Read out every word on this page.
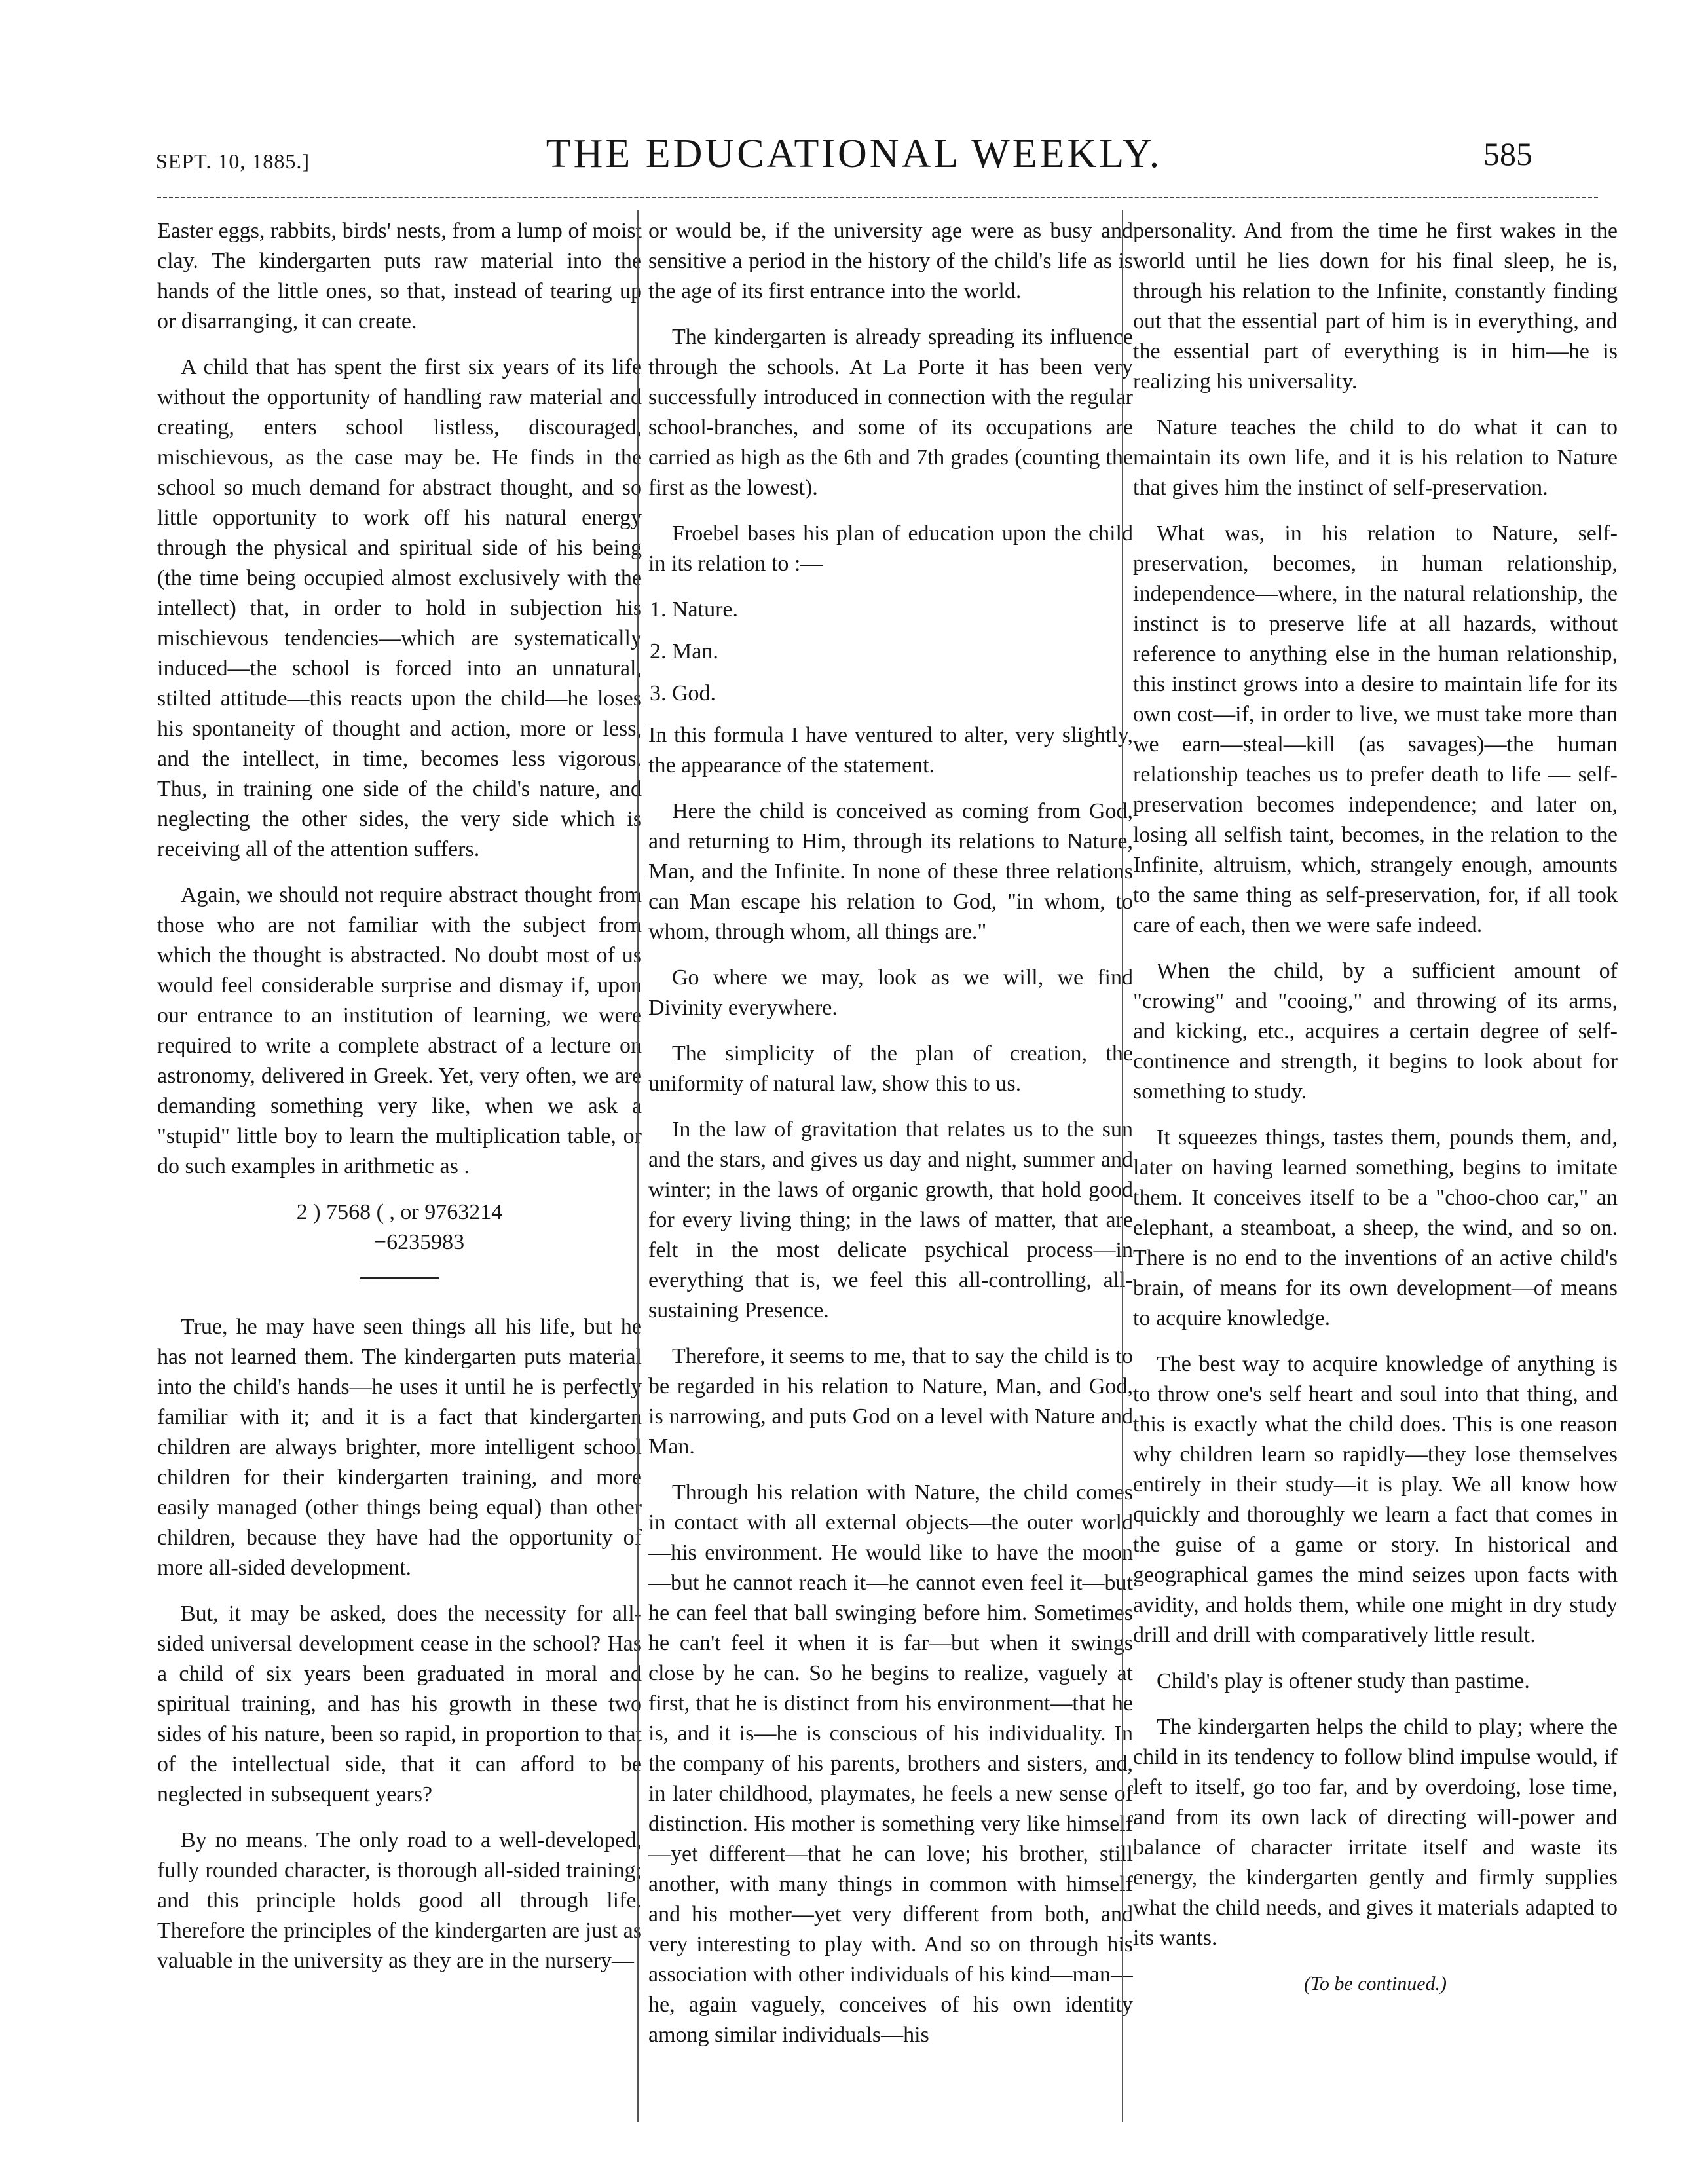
SEPT. 10, 1885.]	THE EDUCATIONAL WEEKLY.	585

Easter eggs, rabbits, birds' nests, from a lump of moist clay. The kindergarten puts raw material into the hands of the little ones, so that, instead of tearing up or disarranging, it can create.

A child that has spent the first six years of its life without the opportunity of handling raw material and creating, enters school listless, discouraged, mischievous, as the case may be. He finds in the school so much demand for abstract thought, and so little opportunity to work off his natural energy through the physical and spiritual side of his being (the time being occupied almost exclusively with the intellect) that, in order to hold in subjection his mischievous tendencies—which are systematically induced—the school is forced into an unnatural, stilted attitude—this reacts upon the child—he loses his spontaneity of thought and action, more or less, and the intellect, in time, becomes less vigorous. Thus, in training one side of the child's nature, and neglecting the other sides, the very side which is receiving all of the attention suffers.

Again, we should not require abstract thought from those who are not familiar with the subject from which the thought is abstracted. No doubt most of us would feel considerable surprise and dismay if, upon our entrance to an institution of learning, we were required to write a complete abstract of a lecture on astronomy, delivered in Greek. Yet, very often, we are demanding something very like, when we ask a "stupid" little boy to learn the multiplication table, or do such examples in arithmetic as .

2 ) 7568 ( , or 9763214

−6235983

True, he may have seen things all his life, but he has not learned them. The kindergarten puts material into the child's hands—he uses it until he is perfectly familiar with it; and it is a fact that kindergarten children are always brighter, more intelligent school children for their kindergarten training, and more easily managed (other things being equal) than other children, because they have had the opportunity of more all-sided development.

But, it may be asked, does the necessity for all-sided universal development cease in the school? Has a child of six years been graduated in moral and spiritual training, and has his growth in these two sides of his nature, been so rapid, in proportion to that of the intellectual side, that it can afford to be neglected in subsequent years?

By no means. The only road to a well-developed, fully rounded character, is thorough all-sided training; and this principle holds good all through life. Therefore the principles of the kindergarten are just as valuable in the university as they are in the nursery—

or would be, if the university age were as busy and sensitive a period in the history of the child's life as is the age of its first entrance into the world.

The kindergarten is already spreading its influence through the schools. At La Porte it has been very successfully introduced in connection with the regular school-branches, and some of its occupations are carried as high as the 6th and 7th grades (counting the first as the lowest).

Froebel bases his plan of education upon the child in its relation to :—

1. Nature.

2. Man.

3. God.

In this formula I have ventured to alter, very slightly, the appearance of the statement.

Here the child is conceived as coming from God, and returning to Him, through its relations to Nature, Man, and the Infinite. In none of these three relations can Man escape his relation to God, "in whom, to whom, through whom, all things are."

Go where we may, look as we will, we find Divinity everywhere.

The simplicity of the plan of creation, the uniformity of natural law, show this to us.

In the law of gravitation that relates us to the sun and the stars, and gives us day and night, summer and winter; in the laws of organic growth, that hold good for every living thing; in the laws of matter, that are felt in the most delicate psychical process—in everything that is, we feel this all-controlling, all-sustaining Presence.

Therefore, it seems to me, that to say the child is to be regarded in his relation to Nature, Man, and God, is narrowing, and puts God on a level with Nature and Man.

Through his relation with Nature, the child comes in contact with all external objects—the outer world—his environment. He would like to have the moon—but he cannot reach it—he cannot even feel it—but he can feel that ball swinging before him. Sometimes he can't feel it when it is far—but when it swings close by he can. So he begins to realize, vaguely at first, that he is distinct from his environment—that he is, and it is—he is conscious of his individuality. In the company of his parents, brothers and sisters, and, in later childhood, playmates, he feels a new sense of distinction. His mother is something very like himself—yet different—that he can love; his brother, still another, with many things in common with himself and his mother—yet very different from both, and very interesting to play with. And so on through his association with other individuals of his kind—man—he, again vaguely, conceives of his own identity among similar individuals—his

personality. And from the time he first wakes in the world until he lies down for his final sleep, he is, through his relation to the Infinite, constantly finding out that the essential part of him is in everything, and the essential part of everything is in him—he is realizing his universality.

Nature teaches the child to do what it can to maintain its own life, and it is his relation to Nature that gives him the instinct of self-preservation.

What was, in his relation to Nature, self-preservation, becomes, in human relationship, independence—where, in the natural relationship, the instinct is to preserve life at all hazards, without reference to anything else in the human relationship, this instinct grows into a desire to maintain life for its own cost—if, in order to live, we must take more than we earn—steal—kill (as savages)—the human relationship teaches us to prefer death to life — self-preservation becomes independence; and later on, losing all selfish taint, becomes, in the relation to the Infinite, altruism, which, strangely enough, amounts to the same thing as self-preservation, for, if all took care of each, then we were safe indeed.

When the child, by a sufficient amount of "crowing" and "cooing," and throwing of its arms, and kicking, etc., acquires a certain degree of self-continence and strength, it begins to look about for something to study.

It squeezes things, tastes them, pounds them, and, later on having learned something, begins to imitate them. It conceives itself to be a "choo-choo car," an elephant, a steamboat, a sheep, the wind, and so on. There is no end to the inventions of an active child's brain, of means for its own development—of means to acquire knowledge.

The best way to acquire knowledge of anything is to throw one's self heart and soul into that thing, and this is exactly what the child does. This is one reason why children learn so rapidly—they lose themselves entirely in their study—it is play. We all know how quickly and thoroughly we learn a fact that comes in the guise of a game or story. In historical and geographical games the mind seizes upon facts with avidity, and holds them, while one might in dry study drill and drill with comparatively little result.

Child's play is oftener study than pastime.

The kindergarten helps the child to play; where the child in its tendency to follow blind impulse would, if left to itself, go too far, and by overdoing, lose time, and from its own lack of directing will-power and balance of character irritate itself and waste its energy, the kindergarten gently and firmly supplies what the child needs, and gives it materials adapted to its wants.

(To be continued.)
